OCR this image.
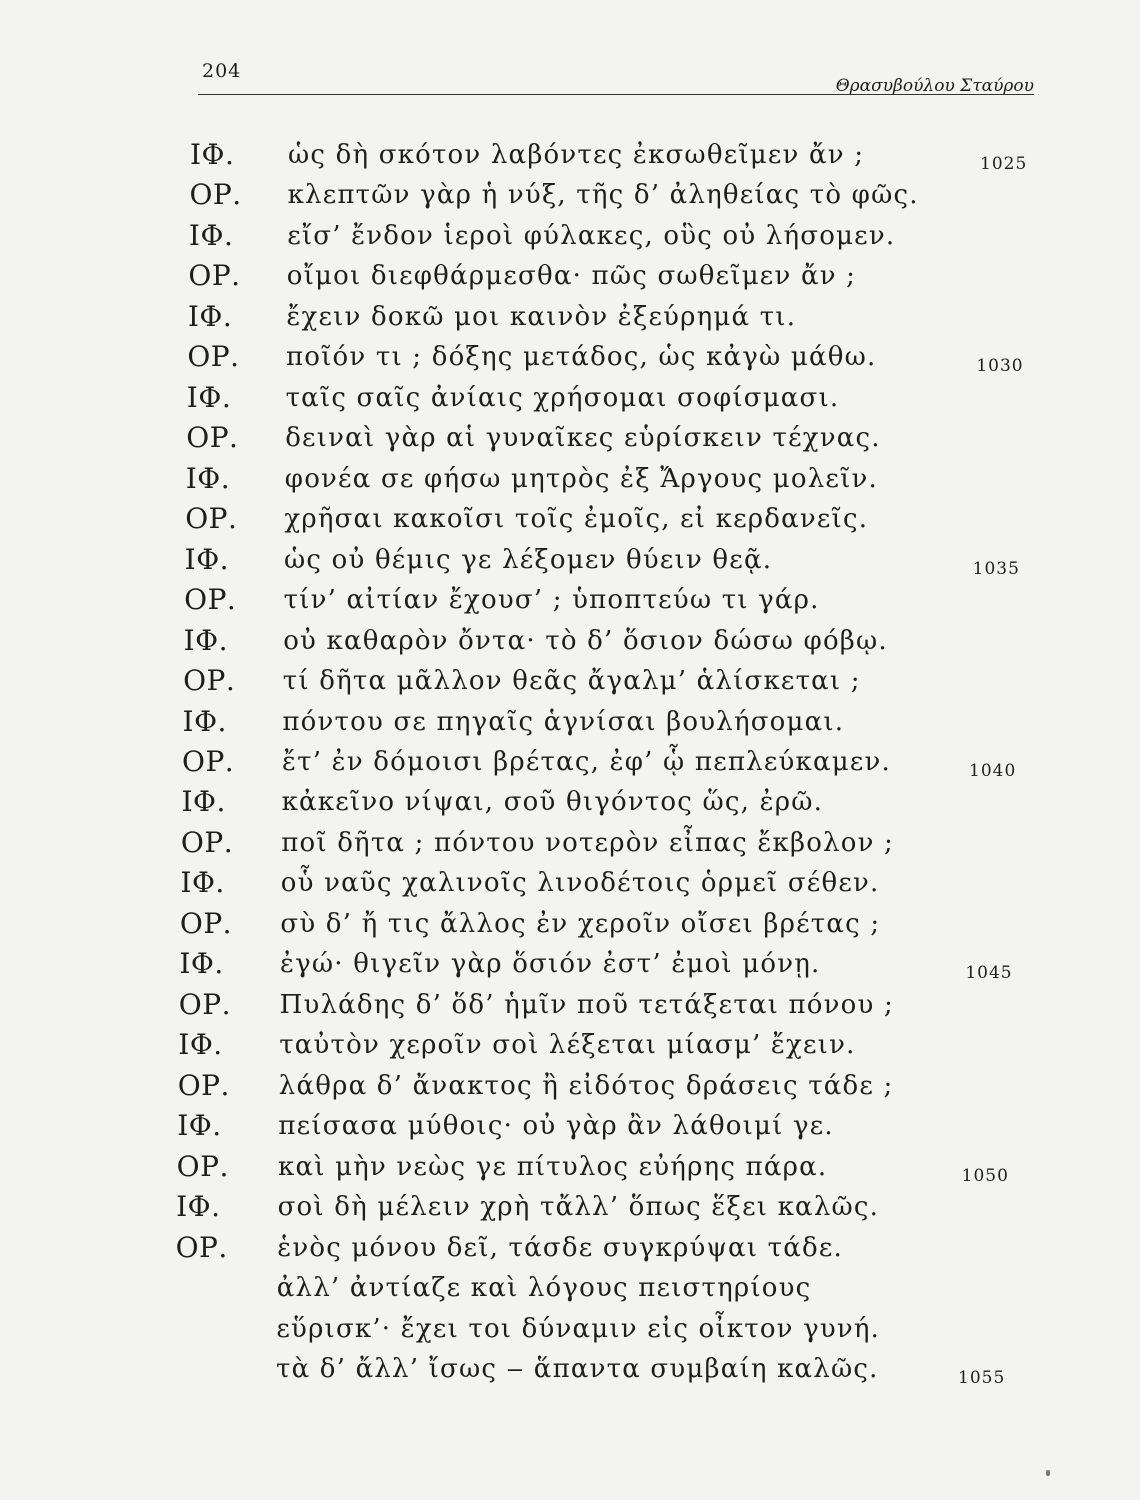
204
Θρασυβούλου Σταύρου
ΙΦ. ὡς δὴ σκότον λαβόντες ἐκσωθεῖμεν ἄν ;	1025
ΟΡ. κλεπτῶν γὰρ ἡ νύξ, τῆς δ’ ἀληθείας τὸ φῶς.
ΙΦ. εἴσ’ ἔνδον ἱεροὶ φύλακες, οὓς οὐ λήσομεν.
ΟΡ. οἴμοι διεφθάρμεσθα· πῶς σωθεῖμεν ἄν ;
ΙΦ. ἔχειν δοκῶ μοι καινὸν ἐξεύρημά τι.
ΟΡ. ποῖόν τι ; δόξης μετάδος, ὡς κἀγὼ μάθω.	1030
ΙΦ. ταῖς σαῖς ἀνίαις χρήσομαι σοφίσμασι.
ΟΡ. δειναὶ γὰρ αἱ γυναῖκες εὑρίσκειν τέχνας.
ΙΦ. φονέα σε φήσω μητρὸς ἐξ Ἄργους μολεῖν.
ΟΡ. χρῆσαι κακοῖσι τοῖς ἐμοῖς, εἰ κερδανεῖς.
ΙΦ. ὡς οὐ θέμις γε λέξομεν θύειν θεᾷ.	1035
ΟΡ. τίν’ αἰτίαν ἔχουσ’ ; ὑποπτεύω τι γάρ.
ΙΦ. οὐ καθαρὸν ὄντα· τὸ δ’ ὅσιον δώσω φόβῳ.
ΟΡ. τί δῆτα μᾶλλον θεᾶς ἄγαλμ’ ἁλίσκεται ;
ΙΦ. πόντου σε πηγαῖς ἁγνίσαι βουλήσομαι.
ΟΡ. ἔτ’ ἐν δόμοισι βρέτας, ἐφ’ ᾧ πεπλεύκαμεν.	1040
ΙΦ. κἀκεῖνο νίψαι, σοῦ θιγόντος ὥς, ἐρῶ.
ΟΡ. ποῖ δῆτα ; πόντου νοτερὸν εἶπας ἔκβολον ;
ΙΦ. οὗ ναῦς χαλινοῖς λινοδέτοις ὁρμεῖ σέθεν.
ΟΡ. σὺ δ’ ἤ τις ἄλλος ἐν χεροῖν οἴσει βρέτας ;
ΙΦ. ἐγώ· θιγεῖν γὰρ ὅσιόν ἐστ’ ἐμοὶ μόνῃ.	1045
ΟΡ. Πυλάδης δ’ ὅδ’ ἡμῖν ποῦ τετάξεται πόνου ;
ΙΦ. ταὐτὸν χεροῖν σοὶ λέξεται μίασμ’ ἔχειν.
ΟΡ. λάθρα δ’ ἄνακτος ἢ εἰδότος δράσεις τάδε ;
ΙΦ. πείσασα μύθοις· οὐ γὰρ ἂν λάθοιμί γε.
ΟΡ. καὶ μὴν νεὼς γε πίτυλος εὐήρης πάρα.	1050
ΙΦ. σοὶ δὴ μέλειν χρὴ τἄλλ’ ὅπως ἕξει καλῶς.
ΟΡ. ἑνὸς μόνου δεῖ, τάσδε συγκρύψαι τάδε.
ἀλλ’ ἀντίαζε καὶ λόγους πειστηρίους
εὕρισκ’· ἔχει τοι δύναμιν εἰς οἶκτον γυνή.
τὰ δ’ ἄλλ’ ἴσως ‒ ἅπαντα συμβαίη καλῶς.	1055
